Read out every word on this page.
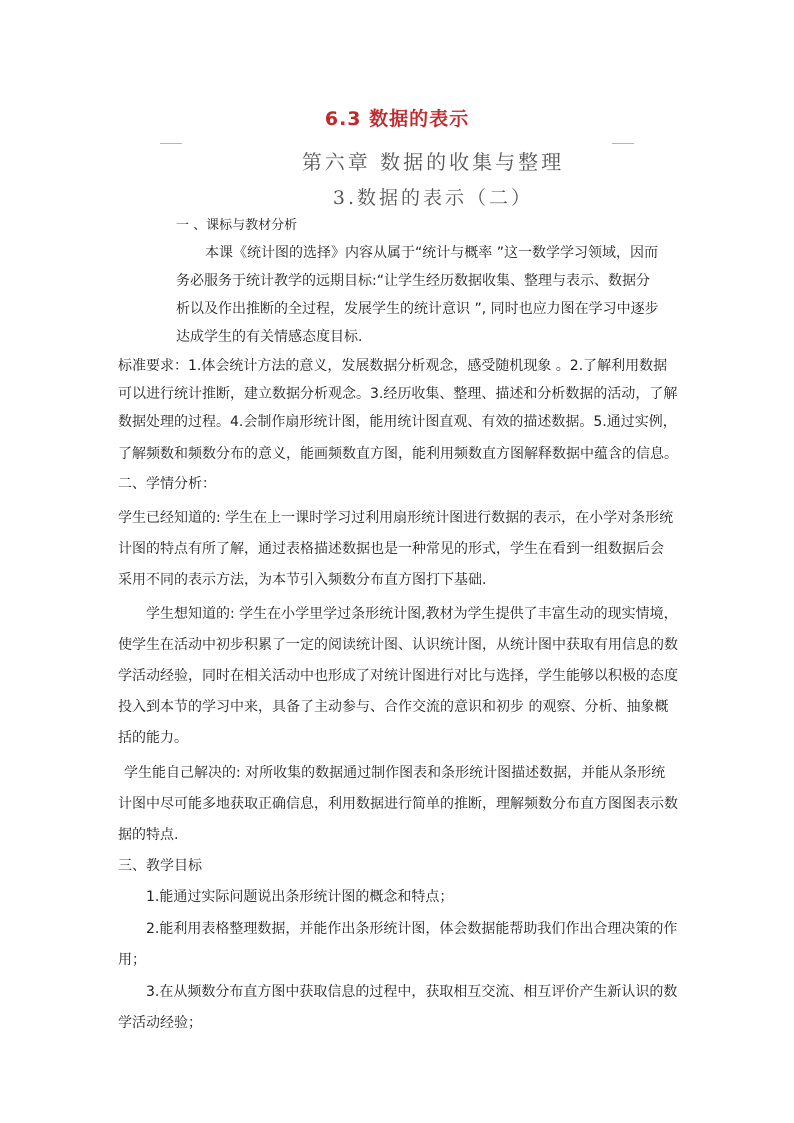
6.3 数据的表示
第六章 数据的收集与整理
3.数据的表示（二）
一 、课标与教材分析
本课《统计图的选择》内容从属于“统计与概率 ”这一数学学习领域，因而
务必服务于统计教学的远期目标:“让学生经历数据收集、整理与表示、数据分
析以及作出推断的全过程，发展学生的统计意识 ”, 同时也应力图在学习中逐步
达成学生的有关情感态度目标.
标准要求：1.体会统计方法的意义，发展数据分析观念，感受随机现象 。2.了解利用数据
可以进行统计推断，建立数据分析观念。3.经历收集、整理、描述和分析数据的活动，了解
数据处理的过程。4.会制作扇形统计图，能用统计图直观、有效的描述数据。5.通过实例，
了解频数和频数分布的意义，能画频数直方图，能利用频数直方图解释数据中蕴含的信息。
二、学情分析：
学生已经知道的: 学生在上一课时学习过利用扇形统计图进行数据的表示，在小学对条形统
计图的特点有所了解，通过表格描述数据也是一种常见的形式，学生在看到一组数据后会
采用不同的表示方法，为本节引入频数分布直方图打下基础.
学生想知道的: 学生在小学里学过条形统计图,教材为学生提供了丰富生动的现实情境，
使学生在活动中初步积累了一定的阅读统计图、认识统计图，从统计图中获取有用信息的数
学活动经验，同时在相关活动中也形成了对统计图进行对比与选择，学生能够以积极的态度
投入到本节的学习中来，具备了主动参与、合作交流的意识和初步 的观察、分析、抽象概
括的能力。
学生能自己解决的: 对所收集的数据通过制作图表和条形统计图描述数据，并能从条形统
计图中尽可能多地获取正确信息，利用数据进行简单的推断，理解频数分布直方图图表示数
据的特点.
三、教学目标
1.能通过实际问题说出条形统计图的概念和特点；
2.能利用表格整理数据，并能作出条形统计图，体会数据能帮助我们作出合理决策的作
用；
3.在从频数分布直方图中获取信息的过程中，获取相互交流、相互评价产生新认识的数
学活动经验；
